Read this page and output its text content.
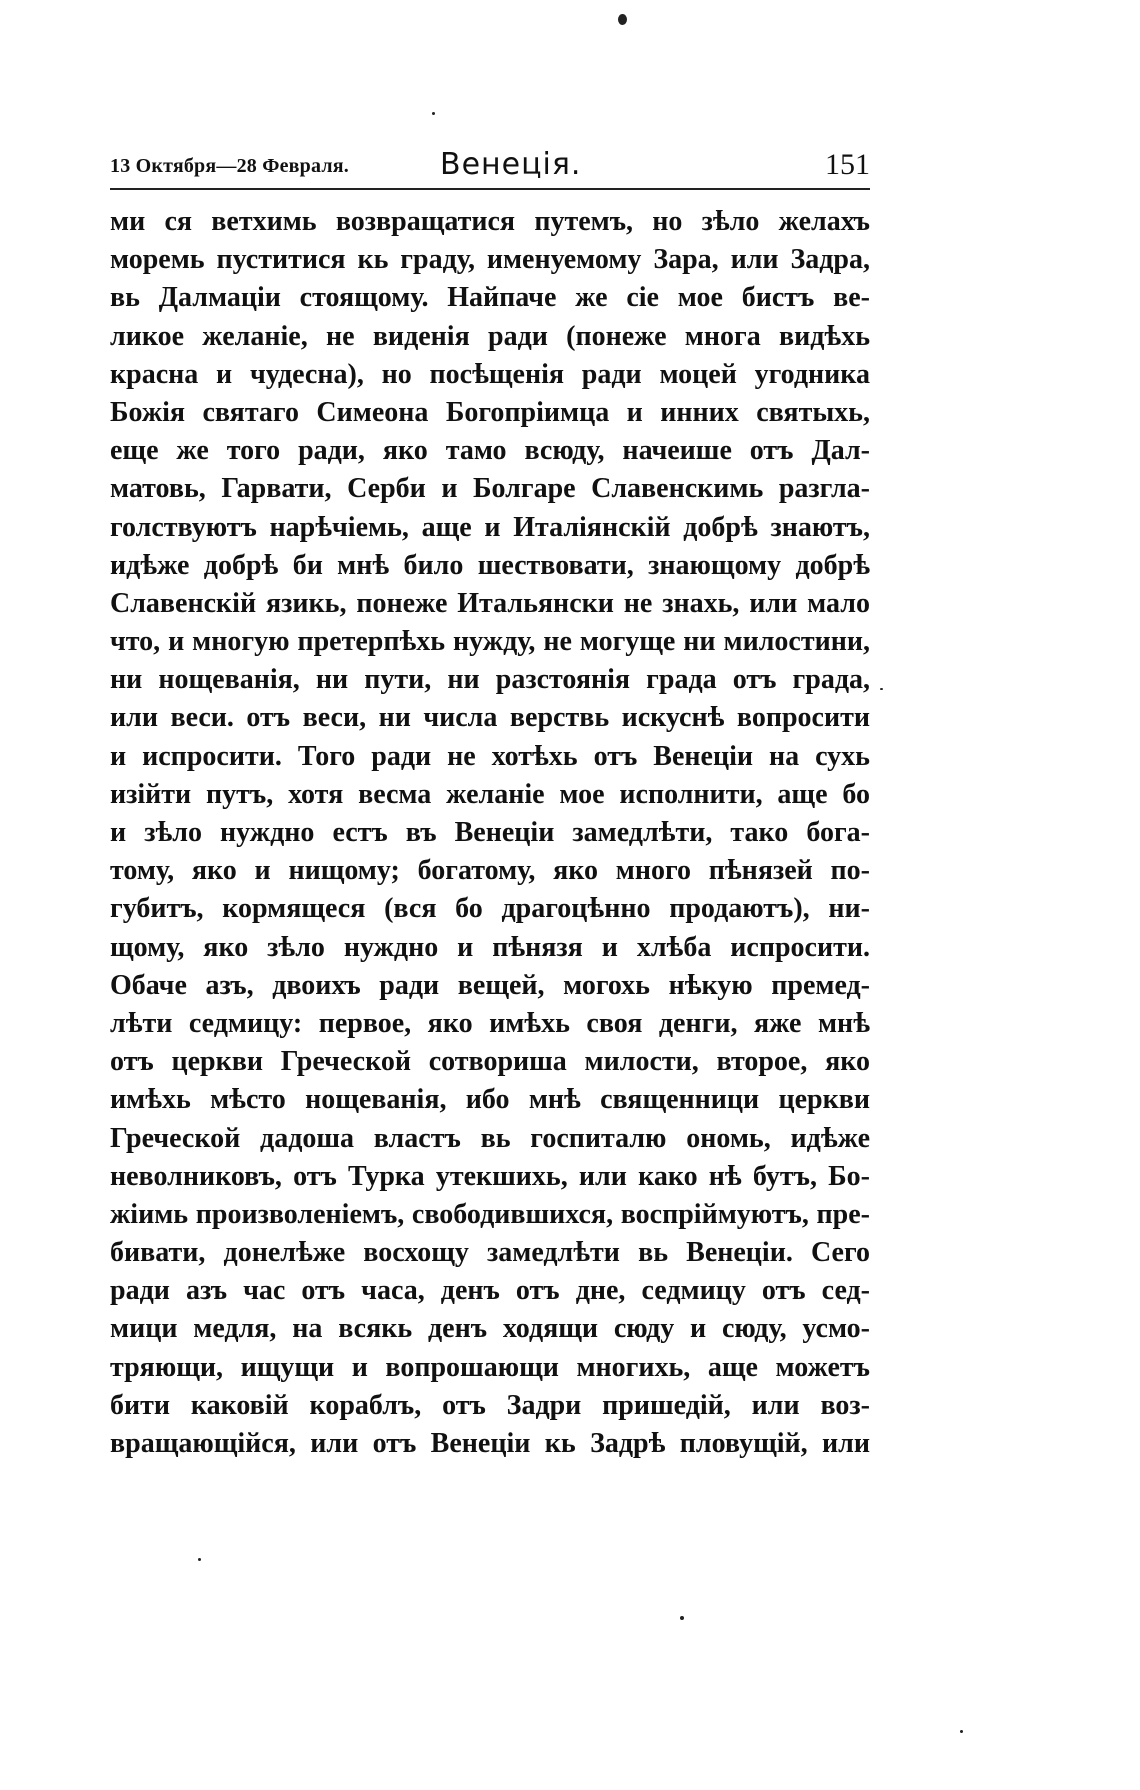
13 Октября—28 Февраля.	Венеція.	151
ми ся ветхимь возвращатися путемъ, но зѣло желахъ
моремь пуститися кь граду, именуемому Зара, или Задра,
вь Далмаціи стоящому. Найпаче же сіе мое бистъ ве-
ликое желаніе, не виденія ради (понеже многа видѣхь
красна и чудесна), но посѣщенія ради моцей угодника
Божія святаго Симеона Богопріимца и инних святыхь,
еще же того ради, яко тамо всюду, начеише отъ Дал-
матовь, Гарвати, Серби и Болгаре Славенскимь разгла-
голствуютъ нарѣчіемь, аще и Италіянскій добрѣ знаютъ,
идѣже добрѣ би мнѣ било шествовати, знающому добрѣ
Славенскій язикь, понеже Итальянски не знахь, или мало
что, и многую претерпѣхь нужду, не могуще ни милостини,
ни нощеванія, ни пути, ни разстоянія града отъ града,
или веси. отъ веси, ни числа верствь искуснѣ вопросити
и испросити. Того ради не хотѣхь отъ Венеціи на сухь
изійти путъ, хотя весма желаніе мое исполнити, аще бо
и зѣло нуждно естъ въ Венеціи замедлѣти, тако бога-
тому, яко и нищому; богатому, яко много пѣнязей по-
губитъ, кормящеся (вся бо драгоцѣнно продаютъ), ни-
щому, яко зѣло нуждно и пѣнязя и хлѣба испросити.
Обаче азъ, двоихъ ради вещей, могохь нѣкую премед-
лѣти седмицу: первое, яко имѣхь своя денги, яже мнѣ
отъ церкви Греческой сотвориша милости, второе, яко
имѣхь мѣсто нощеванія, ибо мнѣ священници церкви
Греческой дадоша властъ вь госпиталю ономь, идѣже
неволниковъ, отъ Турка утекшихь, или како нѣ бутъ, Бо-
жіимь произволеніемъ, свободившихся, воспріймуютъ, пре-
бивати, донелѣже восхощу замедлѣти вь Венеціи. Сего
ради азъ час отъ часа, денъ отъ дне, седмицу отъ сед-
мици медля, на всякь денъ ходящи сюду и сюду, усмо-
тряющи, ищущи и вопрошающи многихь, аще можетъ
бити каковій кораблъ, отъ Задри пришедій, или воз-
вращающійся, или отъ Венеціи кь Задрѣ пловущій, или
